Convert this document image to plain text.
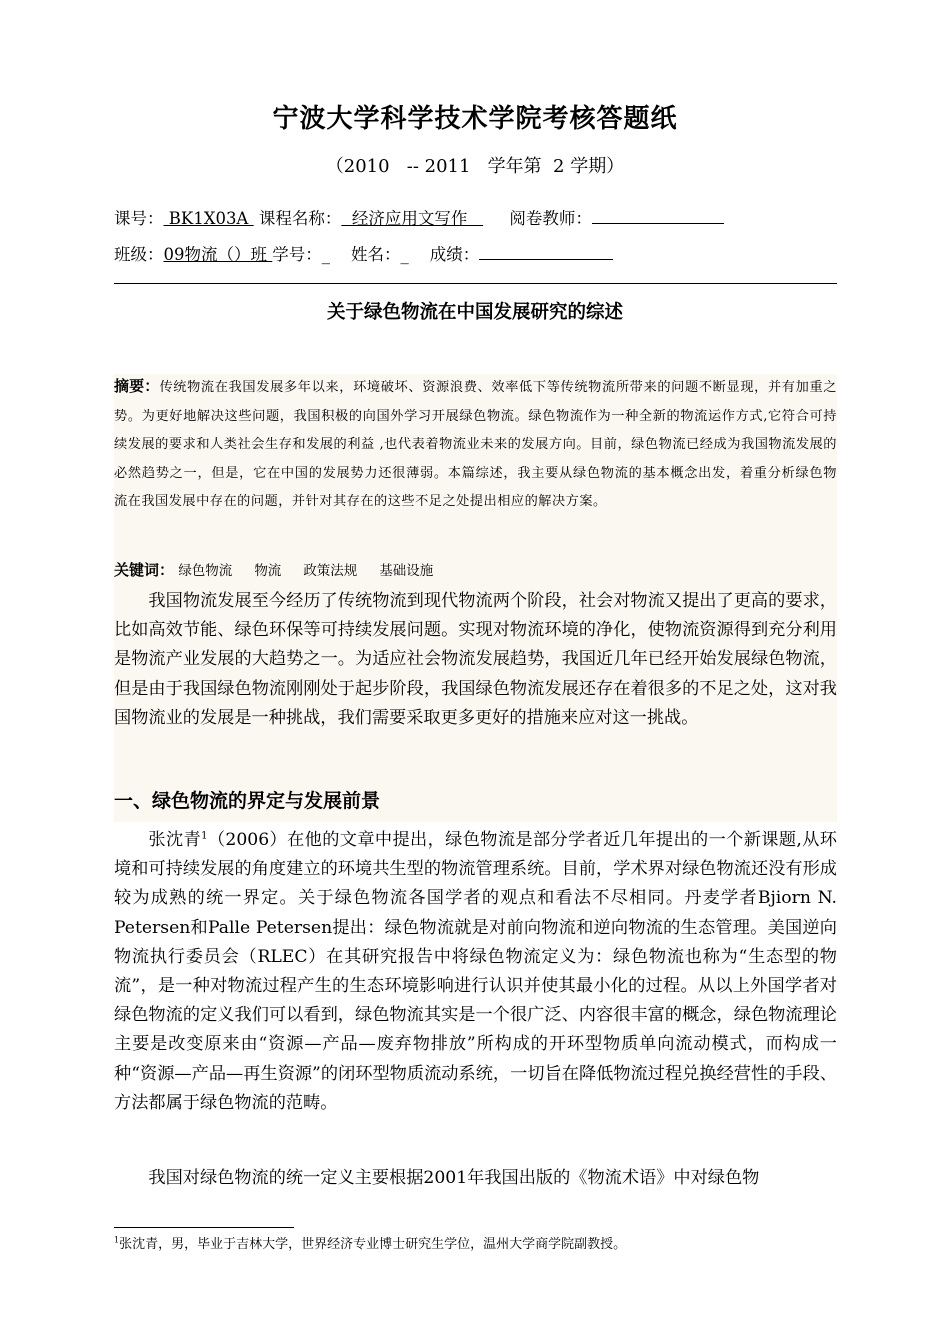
宁波大学科学技术学院考核答题纸
（2010   -- 2011   学年第  2 学期）
课号： BK1X03A  课程名称：  经济应用文写作        阅卷教师：
班级：09物流（）班 学号：_ 姓名：_ 成绩：
关于绿色物流在中国发展研究的综述
摘要：传统物流在我国发展多年以来，环境破坏、资源浪费、效率低下等传统物流所带来的问题不断显现，并有加重之势。为更好地解决这些问题，我国积极的向国外学习开展绿色物流。绿色物流作为一种全新的物流运作方式,它符合可持续发展的要求和人类社会生存和发展的利益 ,也代表着物流业未来的发展方向。目前，绿色物流已经成为我国物流发展的必然趋势之一，但是，它在中国的发展势力还很薄弱。本篇综述，我主要从绿色物流的基本概念出发，着重分析绿色物流在我国发展中存在的问题，并针对其存在的这些不足之处提出相应的解决方案。
关键词： 绿色物流 物流 政策法规 基础设施
我国物流发展至今经历了传统物流到现代物流两个阶段，社会对物流又提出了更高的要求，比如高效节能、绿色环保等可持续发展问题。实现对物流环境的净化，使物流资源得到充分利用是物流产业发展的大趋势之一。为适应社会物流发展趋势，我国近几年已经开始发展绿色物流，但是由于我国绿色物流刚刚处于起步阶段，我国绿色物流发展还存在着很多的不足之处，这对我国物流业的发展是一种挑战，我们需要采取更多更好的措施来应对这一挑战。
一、绿色物流的界定与发展前景
张沈青$^1$（2006）在他的文章中提出，绿色物流是部分学者近几年提出的一个新课题,从环境和可持续发展的角度建立的环境共生型的物流管理系统。目前，学术界对绿色物流还没有形成较为成熟的统一界定。关于绿色物流各国学者的观点和看法不尽相同。丹麦学者Bjiorn N. Petersen和Palle Petersen提出：绿色物流就是对前向物流和逆向物流的生态管理。美国逆向物流执行委员会（RLEC）在其研究报告中将绿色物流定义为：绿色物流也称为“生态型的物流”，是一种对物流过程产生的生态环境影响进行认识并使其最小化的过程。从以上外国学者对绿色物流的定义我们可以看到，绿色物流其实是一个很广泛、内容很丰富的概念，绿色物流理论主要是改变原来由“资源—产品—废弃物排放”所构成的开环型物质单向流动模式，而构成一种“资源—产品—再生资源”的闭环型物质流动系统，一切旨在降低物流过程兑换经营性的手段、方法都属于绿色物流的范畴。
我国对绿色物流的统一定义主要根据2001年我国出版的《物流术语》中对绿色物
$^1$张沈青，男，毕业于吉林大学，世界经济专业博士研究生学位，温州大学商学院副教授。
